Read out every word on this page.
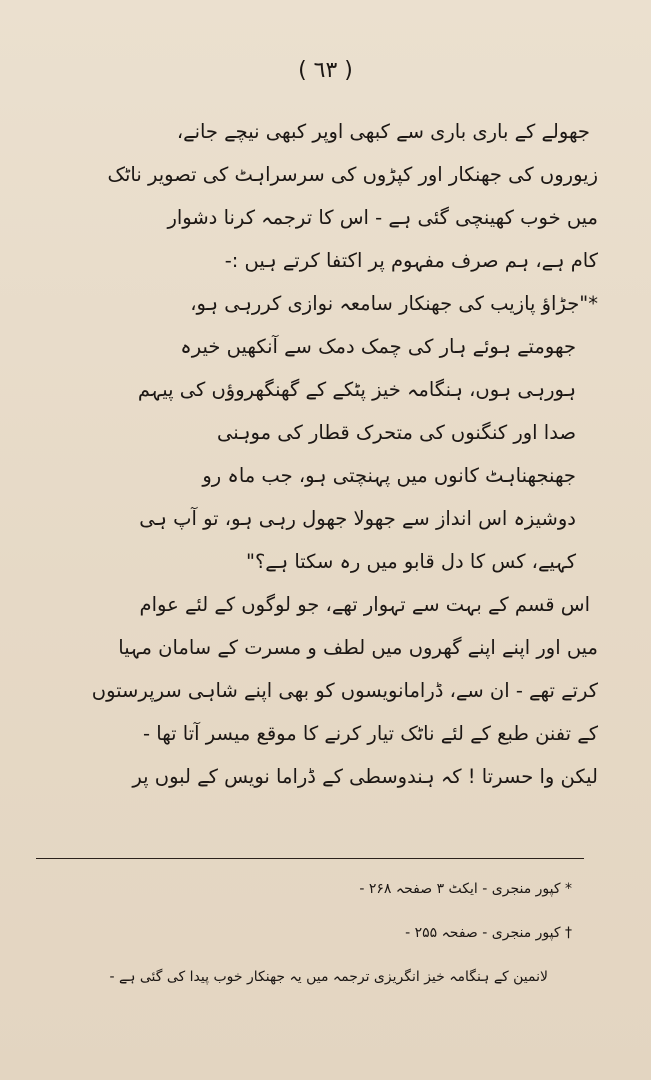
( ٦٣ )
جھولے کے باری باری سے کبھی اوپر کبھی نیچے جانے،
زیوروں کی جھنکار اور کپڑوں کی سرسراہٹ کی تصویر ناٹک
میں خوب کھینچی گئی ہے - اس کا ترجمہ کرنا دشوار
کام ہے، ہم صرف مفہوم پر اکتفا کرتے ہیں :-
*"جڑاؤ پازیب کی جھنکار سامعہ نوازی کررہی ہو،
جھومتے ہوئے ہار کی چمک دمک سے آنکھیں خیرہ
ہورہی ہوں، ہنگامہ خیز پٹکے کے گھنگھروؤں کی پیہم
صدا اور کنگنوں کی متحرک قطار کی موہنی
جھنجھناہٹ کانوں میں پہنچتی ہو، جب ماہ رو
دوشیزہ اس انداز سے جھولا جھول رہی ہو، تو آپ ہی
کہیے، کس کا دل قابو میں رہ سکتا ہے؟"
اس قسم کے بہت سے تہوار تھے، جو لوگوں کے لئے عوام
میں اور اپنے اپنے گھروں میں لطف و مسرت کے سامان مہیا
کرتے تھے - ان سے، ڈرامانویسوں کو بھی اپنے شاہی سرپرستوں
کے تفنن طبع کے لئے ناٹک تیار کرنے کا موقع میسر آتا تھا -
لیکن وا حسرتا ! کہ ہندوسطی کے ڈراما نویس کے لبوں پر
* کپور منجری - ایکٹ ۳ صفحہ ۲۶۸ -
† کپور منجری - صفحہ ۲۵۵ -
لانمین کے ہنگامہ خیز انگریزی ترجمہ میں یہ جھنکار خوب پیدا کی گئی ہے -
